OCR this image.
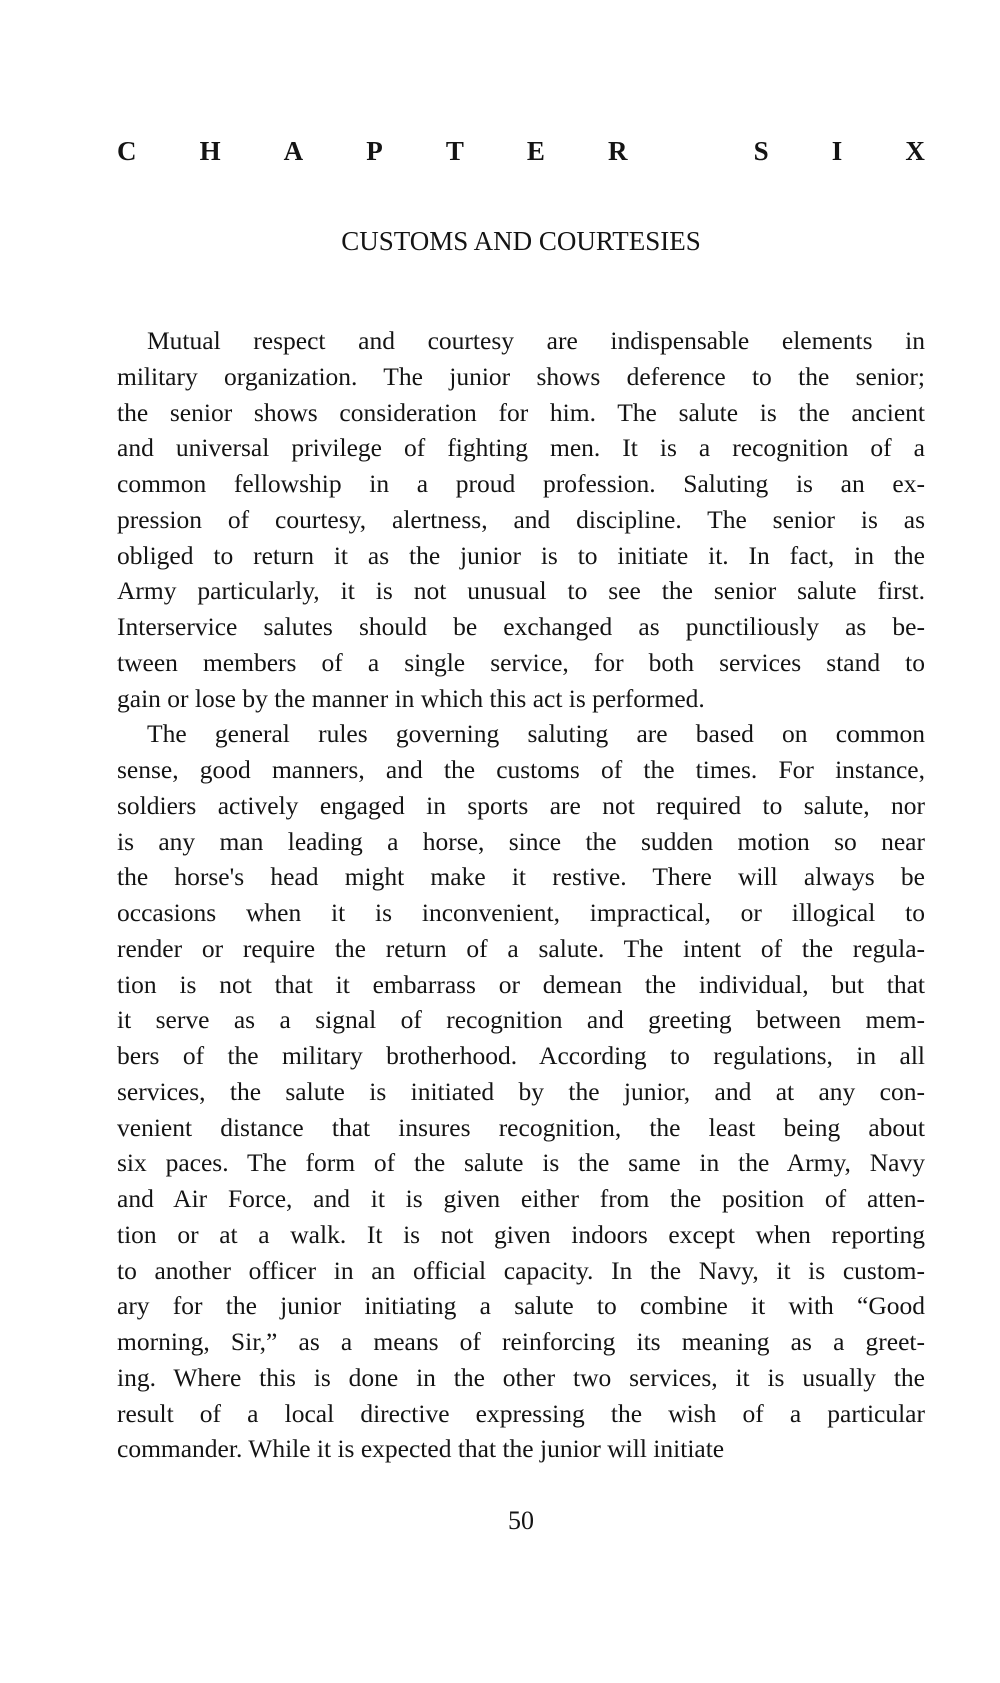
C H A P T E R	S I X
CUSTOMS AND COURTESIES
Mutual respect and courtesy are indispensable elements in
military organization. The junior shows deference to the senior;
the senior shows consideration for him. The salute is the ancient
and universal privilege of fighting men. It is a recognition of a
common fellowship in a proud profession. Saluting is an ex-
pression of courtesy, alertness, and discipline. The senior is as
obliged to return it as the junior is to initiate it. In fact, in the
Army particularly, it is not unusual to see the senior salute first.
Interservice salutes should be exchanged as punctiliously as be-
tween members of a single service, for both services stand to
gain or lose by the manner in which this act is performed.
The general rules governing saluting are based on common
sense, good manners, and the customs of the times. For instance,
soldiers actively engaged in sports are not required to salute, nor
is any man leading a horse, since the sudden motion so near
the horse's head might make it restive. There will always be
occasions when it is inconvenient, impractical, or illogical to
render or require the return of a salute. The intent of the regula-
tion is not that it embarrass or demean the individual, but that
it serve as a signal of recognition and greeting between mem-
bers of the military brotherhood. According to regulations, in all
services, the salute is initiated by the junior, and at any con-
venient distance that insures recognition, the least being about
six paces. The form of the salute is the same in the Army, Navy
and Air Force, and it is given either from the position of atten-
tion or at a walk. It is not given indoors except when reporting
to another officer in an official capacity. In the Navy, it is custom-
ary for the junior initiating a salute to combine it with “Good
morning, Sir,” as a means of reinforcing its meaning as a greet-
ing. Where this is done in the other two services, it is usually the
result of a local directive expressing the wish of a particular
commander. While it is expected that the junior will initiate
50
